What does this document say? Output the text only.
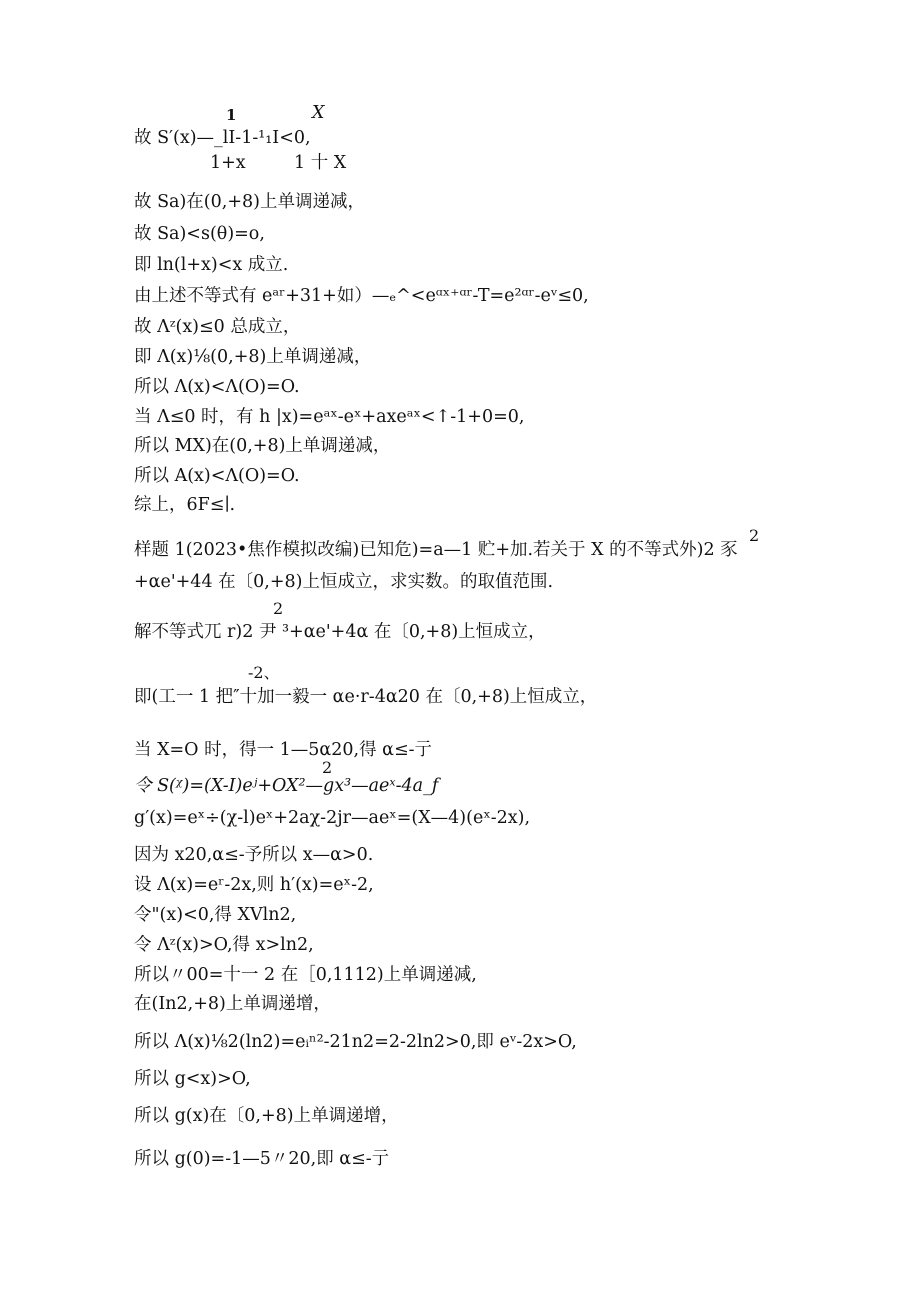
1	X
故 S′(x)—_lI-1-¹₁I<0,
1+x	1 十 X
故 Sa)在(0,+8)上单调递减，
故 Sa)<s(θ)=o,
即 ln(l+x)<x 成立.
由上述不等式有 eᵃʳ+31+如）—ₑ^<eᵅˣ⁺ᵅʳ-T=e²ᵅʳ-eᵛ≤0,
故 Λᶻ(x)≤0 总成立，
即 Λ(x)⅛(0,+8)上单调递减，
所以 Λ(x)<Λ(O)=O.
当 Λ≤0 时，有 h |x)=eᵃˣ-eˣ+axeᵃˣ<↑-1+0=0,
所以 MX)在(0,+8)上单调递减，
所以 A(x)<Λ(O)=O.
综上，6F≤∣.
2
样题 1(2023•焦作模拟改编)已知危)=a—1 贮+加.若关于 X 的不等式外)2 豕
+αe'+44 在〔0,+8)上恒成立，求实数。的取值范围.
2
解不等式兀 r)2 尹 ³+αe'+4α 在〔0,+8)上恒成立，
-2、
即(工一 1 把″十加一毅一 αe·r-4α20 在〔0,+8)上恒成立，
当 X=O 时，得一 1—5α20,得 α≤-亍
2
令 S(ᵡ)=(X-I)eʲ+OX²—gx³—aeˣ-4a_f
g′(x)=eˣ÷(χ-l)eˣ+2aχ-2jr—aeˣ=(X—4)(eˣ-2x),
因为 x20,α≤-予所以 x—α>0.
设 Λ(x)=eʳ-2x,则 h′(x)=eˣ-2,
令"(x)<0,得 XVln2,
令 Λᶻ(x)>O,得 x>ln2,
所以〃00=十一 2 在［0,1112)上单调递减,
在(In2,+8)上单调递增，
所以 Λ(x)⅛2(ln2)=eᵢⁿ²-21n2=2-2ln2>0,即 eᵛ-2x>O,
所以 g<x)>O,
所以 g(x)在〔0,+8)上单调递增，
所以 g(0)=-1—5〃20,即 α≤-亍
